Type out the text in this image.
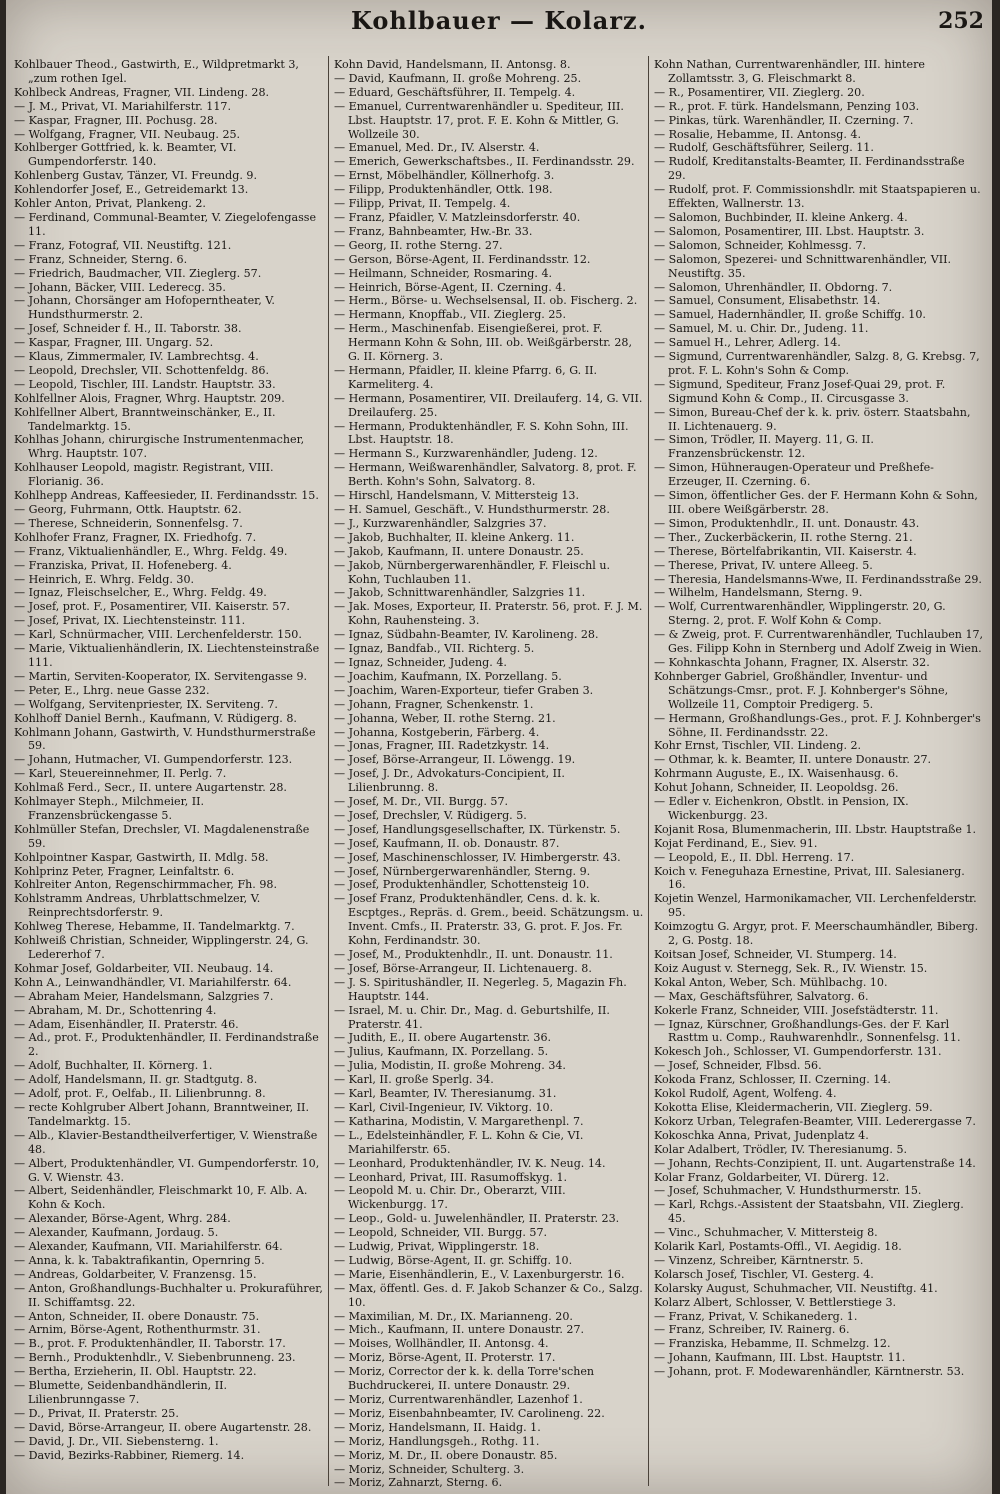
Kohlbauer — Kolarz.	252

Kohlbauer Theod., Gastwirth, E., Wildpretmarkt 3, „zum rothen Igel.

Kohlbeck Andreas, Fragner, VII. Lindeng. 28.

— J. M., Privat, VI. Mariahilferstr. 117.

— Kaspar, Fragner, III. Pochusg. 28.

— Wolfgang, Fragner, VII. Neubaug. 25.

Kohlberger Gottfried, k. k. Beamter, VI. Gumpendorferstr. 140.

Kohlenberg Gustav, Tänzer, VI. Freundg. 9.

Kohlendorfer Josef, E., Getreidemarkt 13.

Kohler Anton, Privat, Plankeng. 2.

— Ferdinand, Communal-Beamter, V. Ziegelofengasse 11.

— Franz, Fotograf, VII. Neustiftg. 121.

— Franz, Schneider, Sterng. 6.

— Friedrich, Baudmacher, VII. Zieglerg. 57.

— Johann, Bäcker, VIII. Lederecg. 35.

— Johann, Chorsänger am Hofoperntheater, V. Hundsthurmerstr. 2.

— Josef, Schneider f. H., II. Taborstr. 38.

— Kaspar, Fragner, III. Ungarg. 52.

— Klaus, Zimmermaler, IV. Lambrechtsg. 4.

— Leopold, Drechsler, VII. Schottenfeldg. 86.

— Leopold, Tischler, III. Landstr. Hauptstr. 33.

Kohlfellner Alois, Fragner, Whrg. Hauptstr. 209.

Kohlfellner Albert, Branntweinschänker, E., II. Tandelmarktg. 15.

Kohlhas Johann, chirurgische Instrumentenmacher, Whrg. Hauptstr. 107.

Kohlhauser Leopold, magistr. Registrant, VIII. Florianig. 36.

Kohlhepp Andreas, Kaffeesieder, II. Ferdinandsstr. 15.

— Georg, Fuhrmann, Ottk. Hauptstr. 62.

— Therese, Schneiderin, Sonnenfelsg. 7.

Kohlhofer Franz, Fragner, IX. Friedhofg. 7.

— Franz, Viktualienhändler, E., Whrg. Feldg. 49.

— Franziska, Privat, II. Hofeneberg. 4.

— Heinrich, E. Whrg. Feldg. 30.

— Ignaz, Fleischselcher, E., Whrg. Feldg. 49.

— Josef, prot. F., Posamentirer, VII. Kaiserstr. 57.

— Josef, Privat, IX. Liechtensteinstr. 111.

— Karl, Schnürmacher, VIII. Lerchenfelderstr. 150.

— Marie, Viktualienhändlerin, IX. Liechtensteinstraße 111.

— Martin, Serviten-Kooperator, IX. Servitengasse 9.

— Peter, E., Lhrg. neue Gasse 232.

— Wolfgang, Servitenpriester, IX. Serviteng. 7.

Kohlhoff Daniel Bernh., Kaufmann, V. Rüdigerg. 8.

Kohlmann Johann, Gastwirth, V. Hundsthurmerstraße 59.

— Johann, Hutmacher, VI. Gumpendorferstr. 123.

— Karl, Steuereinnehmer, II. Perlg. 7.

Kohlmaß Ferd., Secr., II. untere Augartenstr. 28.

Kohlmayer Steph., Milchmeier, II. Franzensbrückengasse 5.

Kohlmüller Stefan, Drechsler, VI. Magdalenenstraße 59.

Kohlpointner Kaspar, Gastwirth, II. Mdlg. 58.

Kohlprinz Peter, Fragner, Leinfaltstr. 6.

Kohlreiter Anton, Regenschirmmacher, Fh. 98.

Kohlstramm Andreas, Uhrblattschmelzer, V. Reinprechtsdorferstr. 9.

Kohlweg Therese, Hebamme, II. Tandelmarktg. 7.

Kohlweiß Christian, Schneider, Wipplingerstr. 24, G. Ledererhof 7.

Kohmar Josef, Goldarbeiter, VII. Neubaug. 14.

Kohn A., Leinwandhändler, VI. Mariahilferstr. 64.

— Abraham Meier, Handelsmann, Salzgries 7.

— Abraham, M. Dr., Schottenring 4.

— Adam, Eisenhändler, II. Praterstr. 46.

— Ad., prot. F., Produktenhändler, II. Ferdinandstraße 2.

— Adolf, Buchhalter, II. Körnerg. 1.

— Adolf, Handelsmann, II. gr. Stadtgutg. 8.

— Adolf, prot. F., Oelfab., II. Lilienbrunng. 8.

— recte Kohlgruber Albert Johann, Branntweiner, II. Tandelmarktg. 15.

— Alb., Klavier-Bestandtheilverfertiger, V. Wienstraße 48.

— Albert, Produktenhändler, VI. Gumpendorferstr. 10, G. V. Wienstr. 43.

— Albert, Seidenhändler, Fleischmarkt 10, F. Alb. A. Kohn & Koch.

— Alexander, Börse-Agent, Whrg. 284.

— Alexander, Kaufmann, Jordaug. 5.

— Alexander, Kaufmann, VII. Mariahilferstr. 64.

— Anna, k. k. Tabaktrafikantin, Opernring 5.

— Andreas, Goldarbeiter, V. Franzensg. 15.

— Anton, Großhandlungs-Buchhalter u. Prokuraführer, II. Schiffamtsg. 22.

— Anton, Schneider, II. obere Donaustr. 75.

— Arnim, Börse-Agent, Rothenthurmstr. 31.

— B., prot. F. Produktenhändler, II. Taborstr. 17.

— Bernh., Produktenhdlr., V. Siebenbrunneng. 23.

— Bertha, Erzieherin, II. Obl. Hauptstr. 22.

— Blumette, Seidenbandhändlerin, II. Lilienbrunngasse 7.

— D., Privat, II. Praterstr. 25.

— David, Börse-Arrangeur, II. obere Augartenstr. 28.

— David, J. Dr., VII. Siebensterng. 1.

— David, Bezirks-Rabbiner, Riemerg. 14.

Kohn David, Handelsmann, II. Antonsg. 8.

— David, Kaufmann, II. große Mohreng. 25.

— Eduard, Geschäftsführer, II. Tempelg. 4.

— Emanuel, Currentwarenhändler u. Spediteur, III. Lbst. Hauptstr. 17, prot. F. E. Kohn & Mittler, G. Wollzeile 30.

— Emanuel, Med. Dr., IV. Alserstr. 4.

— Emerich, Gewerkschaftsbes., II. Ferdinandsstr. 29.

— Ernst, Möbelhändler, Köllnerhofg. 3.

— Filipp, Produktenhändler, Ottk. 198.

— Filipp, Privat, II. Tempelg. 4.

— Franz, Pfaidler, V. Matzleinsdorferstr. 40.

— Franz, Bahnbeamter, Hw.-Br. 33.

— Georg, II. rothe Sterng. 27.

— Gerson, Börse-Agent, II. Ferdinandsstr. 12.

— Heilmann, Schneider, Rosmaring. 4.

— Heinrich, Börse-Agent, II. Czerning. 4.

— Herm., Börse- u. Wechselsensal, II. ob. Fischerg. 2.

— Hermann, Knopffab., VII. Zieglerg. 25.

— Herm., Maschinenfab. Eisengießerei, prot. F. Hermann Kohn & Sohn, III. ob. Weißgärberstr. 28, G. II. Körnerg. 3.

— Hermann, Pfaidler, II. kleine Pfarrg. 6, G. II. Karmeliterg. 4.

— Hermann, Posamentirer, VII. Dreilauferg. 14, G. VII. Dreilauferg. 25.

— Hermann, Produktenhändler, F. S. Kohn Sohn, III. Lbst. Hauptstr. 18.

— Hermann S., Kurzwarenhändler, Judeng. 12.

— Hermann, Weißwarenhändler, Salvatorg. 8, prot. F. Berth. Kohn's Sohn, Salvatorg. 8.

— Hirschl, Handelsmann, V. Mittersteig 13.

— H. Samuel, Geschäft., V. Hundsthurmerstr. 28.

— J., Kurzwarenhändler, Salzgries 37.

— Jakob, Buchhalter, II. kleine Ankerg. 11.

— Jakob, Kaufmann, II. untere Donaustr. 25.

— Jakob, Nürnbergerwarenhändler, F. Fleischl u. Kohn, Tuchlauben 11.

— Jakob, Schnittwarenhändler, Salzgries 11.

— Jak. Moses, Exporteur, II. Praterstr. 56, prot. F. J. M. Kohn, Rauhensteing. 3.

— Ignaz, Südbahn-Beamter, IV. Karolineng. 28.

— Ignaz, Bandfab., VII. Richterg. 5.

— Ignaz, Schneider, Judeng. 4.

— Joachim, Kaufmann, IX. Porzellang. 5.

— Joachim, Waren-Exporteur, tiefer Graben 3.

— Johann, Fragner, Schenkenstr. 1.

— Johanna, Weber, II. rothe Sterng. 21.

— Johanna, Kostgeberin, Färberg. 4.

— Jonas, Fragner, III. Radetzkystr. 14.

— Josef, Börse-Arrangeur, II. Löwengg. 19.

— Josef, J. Dr., Advokaturs-Concipient, II. Lilienbrunng. 8.

— Josef, M. Dr., VII. Burgg. 57.

— Josef, Drechsler, V. Rüdigerg. 5.

— Josef, Handlungsgesellschafter, IX. Türkenstr. 5.

— Josef, Kaufmann, II. ob. Donaustr. 87.

— Josef, Maschinenschlosser, IV. Himbergerstr. 43.

— Josef, Nürnbergerwarenhändler, Sterng. 9.

— Josef, Produktenhändler, Schottensteig 10.

— Josef Franz, Produktenhändler, Cens. d. k. k. Escptges., Repräs. d. Grem., beeid. Schätzungsm. u. Invent. Cmfs., II. Praterstr. 33, G. prot. F. Jos. Fr. Kohn, Ferdinandstr. 30.

— Josef, M., Produktenhdlr., II. unt. Donaustr. 11.

— Josef, Börse-Arrangeur, II. Lichtenauerg. 8.

— J. S. Spiritushändler, II. Negerleg. 5, Magazin Fh. Hauptstr. 144.

— Israel, M. u. Chir. Dr., Mag. d. Geburtshilfe, II. Praterstr. 41.

— Judith, E., II. obere Augartenstr. 36.

— Julius, Kaufmann, IX. Porzellang. 5.

— Julia, Modistin, II. große Mohreng. 34.

— Karl, II. große Sperlg. 34.

— Karl, Beamter, IV. Theresianumg. 31.

— Karl, Civil-Ingenieur, IV. Viktorg. 10.

— Katharina, Modistin, V. Margarethenpl. 7.

— L., Edelsteinhändler, F. L. Kohn & Cie, VI. Mariahilferstr. 65.

— Leonhard, Produktenhändler, IV. K. Neug. 14.

— Leonhard, Privat, III. Rasumoffskyg. 1.

— Leopold M. u. Chir. Dr., Oberarzt, VIII. Wickenburgg. 17.

— Leop., Gold- u. Juwelenhändler, II. Praterstr. 23.

— Leopold, Schneider, VII. Burgg. 57.

— Ludwig, Privat, Wipplingerstr. 18.

— Ludwig, Börse-Agent, II. gr. Schiffg. 10.

— Marie, Eisenhändlerin, E., V. Laxenburgerstr. 16.

— Max, öffentl. Ges. d. F. Jakob Schanzer & Co., Salzg. 10.

— Maximilian, M. Dr., IX. Marianneng. 20.

— Mich., Kaufmann, II. untere Donaustr. 27.

— Moises, Wollhändler, II. Antonsg. 4.

— Moriz, Börse-Agent, II. Proterstr. 17.

— Moriz, Corrector der k. k. della Torre'schen Buchdruckerei, II. untere Donaustr. 29.

— Moriz, Currentwarenhändler, Lazenhof 1.

— Moriz, Eisenbahnbeamter, IV. Carolineng. 22.

— Moriz, Handelsmann, II. Haidg. 1.

— Moriz, Handlungsgeh., Rothg. 11.

— Moriz, M. Dr., II. obere Donaustr. 85.

— Moriz, Schneider, Schulterg. 3.

— Moriz, Zahnarzt, Sterng. 6.

Kohn Nathan, Currentwarenhändler, III. hintere Zollamtsstr. 3, G. Fleischmarkt 8.

— R., Posamentirer, VII. Zieglerg. 20.

— R., prot. F. türk. Handelsmann, Penzing 103.

— Pinkas, türk. Warenhändler, II. Czerning. 7.

— Rosalie, Hebamme, II. Antonsg. 4.

— Rudolf, Geschäftsführer, Seilerg. 11.

— Rudolf, Kreditanstalts-Beamter, II. Ferdinandsstraße 29.

— Rudolf, prot. F. Commissionshdlr. mit Staatspapieren u. Effekten, Wallnerstr. 13.

— Salomon, Buchbinder, II. kleine Ankerg. 4.

— Salomon, Posamentirer, III. Lbst. Hauptstr. 3.

— Salomon, Schneider, Kohlmessg. 7.

— Salomon, Spezerei- und Schnittwarenhändler, VII. Neustiftg. 35.

— Salomon, Uhrenhändler, II. Obdorng. 7.

— Samuel, Consument, Elisabethstr. 14.

— Samuel, Hadernhändler, II. große Schiffg. 10.

— Samuel, M. u. Chir. Dr., Judeng. 11.

— Samuel H., Lehrer, Adlerg. 14.

— Sigmund, Currentwarenhändler, Salzg. 8, G. Krebsg. 7, prot. F. L. Kohn's Sohn & Comp.

— Sigmund, Spediteur, Franz Josef-Quai 29, prot. F. Sigmund Kohn & Comp., II. Circusgasse 3.

— Simon, Bureau-Chef der k. k. priv. österr. Staatsbahn, II. Lichtenauerg. 9.

— Simon, Trödler, II. Mayerg. 11, G. II. Franzensbrückenstr. 12.

— Simon, Hühneraugen-Operateur und Preßhefe-Erzeuger, II. Czerning. 6.

— Simon, öffentlicher Ges. der F. Hermann Kohn & Sohn, III. obere Weißgärberstr. 28.

— Simon, Produktenhdlr., II. unt. Donaustr. 43.

— Ther., Zuckerbäckerin, II. rothe Sterng. 21.

— Therese, Börtelfabrikantin, VII. Kaiserstr. 4.

— Therese, Privat, IV. untere Alleeg. 5.

— Theresia, Handelsmanns-Wwe, II. Ferdinandsstraße 29.

— Wilhelm, Handelsmann, Sterng. 9.

— Wolf, Currentwarenhändler, Wipplingerstr. 20, G. Sterng. 2, prot. F. Wolf Kohn & Comp.

— & Zweig, prot. F. Currentwarenhändler, Tuchlauben 17, Ges. Filipp Kohn in Sternberg und Adolf Zweig in Wien.

— Kohnkaschta Johann, Fragner, IX. Alserstr. 32.

Kohnberger Gabriel, Großhändler, Inventur- und Schätzungs-Cmsr., prot. F. J. Kohnberger's Söhne, Wollzeile 11, Comptoir Predigerg. 5.

— Hermann, Großhandlungs-Ges., prot. F. J. Kohnberger's Söhne, II. Ferdinandsstr. 22.

Kohr Ernst, Tischler, VII. Lindeng. 2.

— Othmar, k. k. Beamter, II. untere Donaustr. 27.

Kohrmann Auguste, E., IX. Waisenhausg. 6.

Kohut Johann, Schneider, II. Leopoldsg. 26.

— Edler v. Eichenkron, Obstlt. in Pension, IX. Wickenburgg. 23.

Kojanit Rosa, Blumenmacherin, III. Lbstr. Hauptstraße 1.

Kojat Ferdinand, E., Siev. 91.

— Leopold, E., II. Dbl. Herreng. 17.

Koich v. Feneguhaza Ernestine, Privat, III. Salesianerg. 16.

Kojetin Wenzel, Harmonikamacher, VII. Lerchenfelderstr. 95.

Koimzogtu G. Argyr, prot. F. Meerschaumhändler, Biberg. 2, G. Postg. 18.

Koitsan Josef, Schneider, VI. Stumperg. 14.

Koiz August v. Sternegg, Sek. R., IV. Wienstr. 15.

Kokal Anton, Weber, Sch. Mühlbachg. 10.

— Max, Geschäftsführer, Salvatorg. 6.

Kokerle Franz, Schneider, VIII. Josefstädterstr. 11.

— Ignaz, Kürschner, Großhandlungs-Ges. der F. Karl Rasttm u. Comp., Rauhwarenhdlr., Sonnenfelsg. 11.

Kokesch Joh., Schlosser, VI. Gumpendorferstr. 131.

— Josef, Schneider, Flbsd. 56.

Kokoda Franz, Schlosser, II. Czerning. 14.

Kokol Rudolf, Agent, Wolfeng. 4.

Kokotta Elise, Kleidermacherin, VII. Zieglerg. 59.

Kokorz Urban, Telegrafen-Beamter, VIII. Lederergasse 7.

Kokoschka Anna, Privat, Judenplatz 4.

Kolar Adalbert, Trödler, IV. Theresianumg. 5.

— Johann, Rechts-Conzipient, II. unt. Augartenstraße 14.

Kolar Franz, Goldarbeiter, VI. Dürerg. 12.

— Josef, Schuhmacher, V. Hundsthurmerstr. 15.

— Karl, Rchgs.-Assistent der Staatsbahn, VII. Zieglerg. 45.

— Vinc., Schuhmacher, V. Mittersteig 8.

Kolarik Karl, Postamts-Offl., VI. Aegidig. 18.

— Vinzenz, Schreiber, Kärntnerstr. 5.

Kolarsch Josef, Tischler, VI. Gesterg. 4.

Kolarsky August, Schuhmacher, VII. Neustiftg. 41.

Kolarz Albert, Schlosser, V. Bettlerstiege 3.

— Franz, Privat, V. Schikanederg. 1.

— Franz, Schreiber, IV. Rainerg. 6.

— Franziska, Hebamme, II. Schmelzg. 12.

— Johann, Kaufmann, III. Lbst. Hauptstr. 11.

— Johann, prot. F. Modewarenhändler, Kärntnerstr. 53.
